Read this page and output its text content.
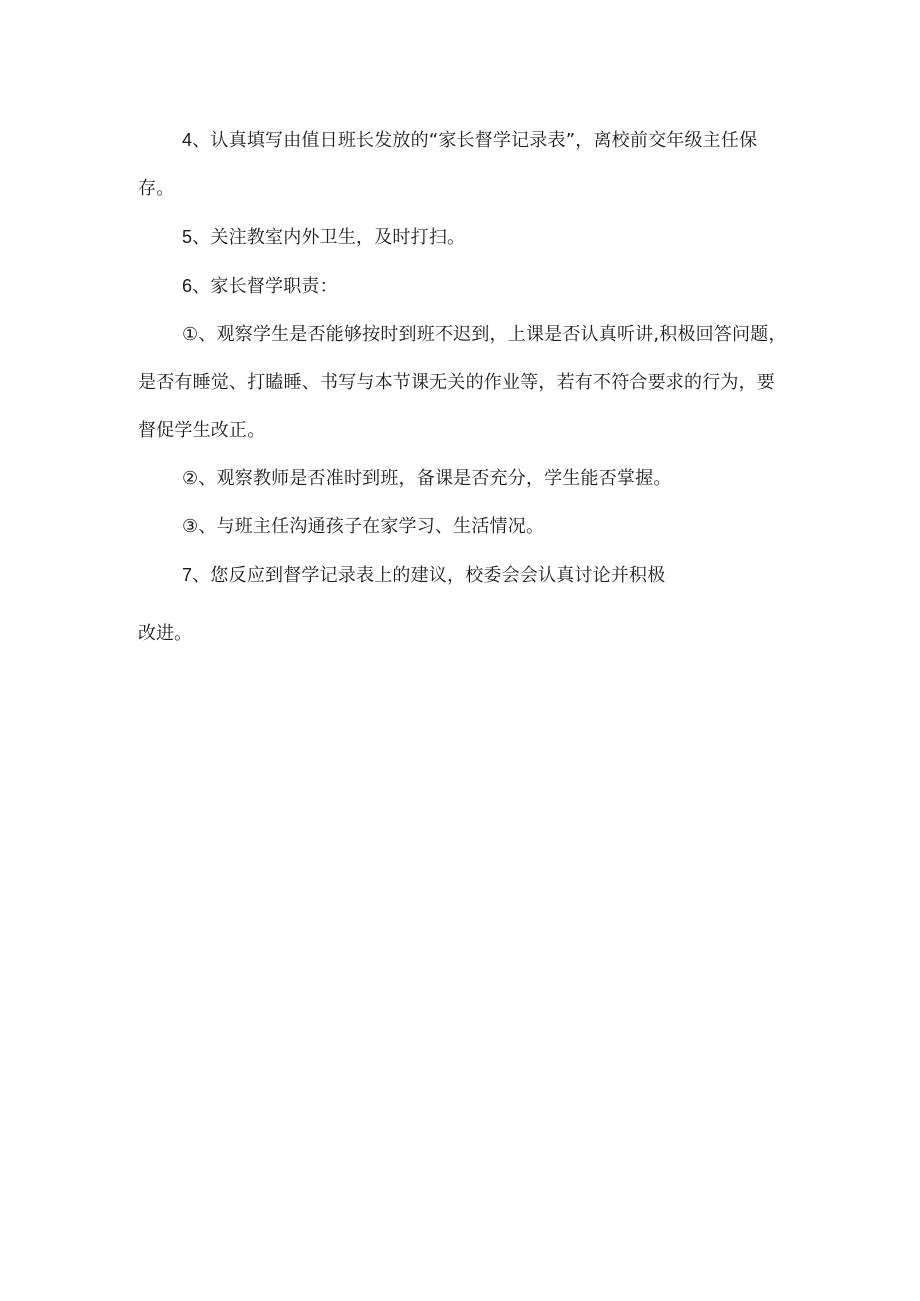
4、认真填写由值日班长发放的“家长督学记录表”，离校前交年级主任保存。

5、关注教室内外卫生，及时打扫。

6、家长督学职责：

①、观察学生是否能够按时到班不迟到，上课是否认真听讲,积极回答问题，是否有睡觉、打瞌睡、书写与本节课无关的作业等，若有不符合要求的行为，要督促学生改正。

②、观察教师是否准时到班，备课是否充分，学生能否掌握。

③、与班主任沟通孩子在家学习、生活情况。

7、您反应到督学记录表上的建议，校委会会认真讨论并积极

改进。
